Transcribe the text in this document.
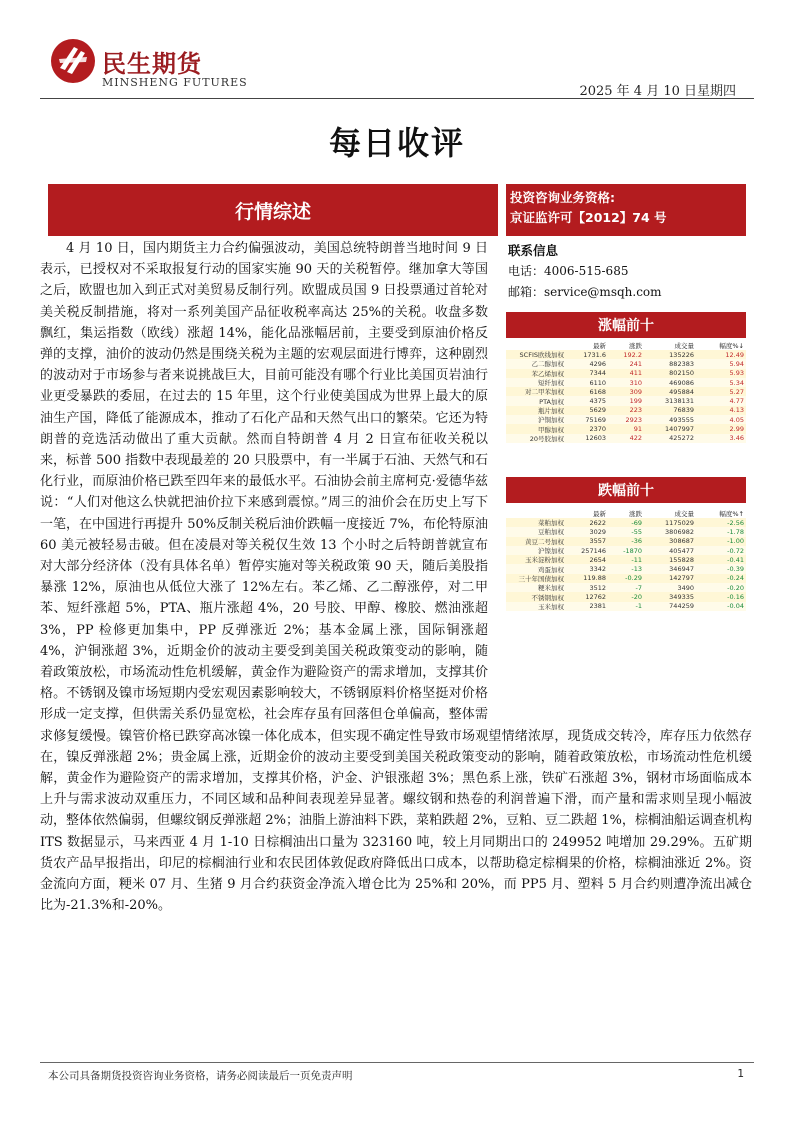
民生期货
MINSHENG FUTURES
2025 年 4 月 10 日星期四
每日收评
行情综述
投资咨询业务资格:
京证监许可【2012】74 号
联系信息
电话：4006-515-685
邮箱：service@msqh.com
涨幅前十
	最新	涨跌	成交量	幅度%↓
SCFIS欧线加权	1731.6	192.2	135226	12.49
乙二醇加权	4296	241	882383	5.94
苯乙烯加权	7344	411	802150	5.93
短纤加权	6110	310	469086	5.34
对二甲苯加权	6168	309	495884	5.27
PTA加权	4375	199	3138131	4.77
瓶片加权	5629	223	76839	4.13
沪铜加权	75169	2923	493555	4.05
甲醇加权	2370	91	1407997	2.99
20号胶加权	12603	422	425272	3.46
跌幅前十
	最新	涨跌	成交量	幅度%↑
菜粕加权	2622	-69	1175029	-2.56
豆粕加权	3029	-55	3806982	-1.78
黄豆二号加权	3557	-36	308687	-1.00
沪镍加权	257146	-1870	405477	-0.72
玉米淀粉加权	2654	-11	155828	-0.41
鸡蛋加权	3342	-13	346947	-0.39
三十年国债加权	119.88	-0.29	142797	-0.24
粳米加权	3512	-7	3490	-0.20
不锈钢加权	12762	-20	349335	-0.16
玉米加权	2381	-1	744259	-0.04

4 月 10 日，国内期货主力合约偏强波动，美国总统特朗普当地时间 9 日表示，已授权对不采取报复行动的国家实施 90 天的关税暂停。继加拿大等国之后，欧盟也加入到正式对美贸易反制行列。欧盟成员国 9 日投票通过首轮对美关税反制措施，将对一系列美国产品征收税率高达 25%的关税。收盘多数飘红，集运指数（欧线）涨超 14%，能化品涨幅居前，主要受到原油价格反弹的支撑，油价的波动仍然是围绕关税为主题的宏观层面进行博弈，这种剧烈的波动对于市场参与者来说挑战巨大，目前可能没有哪个行业比美国页岩油行业更受暴跌的委屈，在过去的 15 年里，这个行业使美国成为世界上最大的原油生产国，降低了能源成本，推动了石化产品和天然气出口的繁荣。它还为特朗普的竞选活动做出了重大贡献。然而自特朗普 4 月 2 日宣布征收关税以来，标普 500 指数中表现最差的 20 只股票中，有一半属于石油、天然气和石化行业，而原油价格已跌至四年来的最低水平。石油协会前主席柯克·爱德华兹说：“人们对他这么快就把油价拉下来感到震惊。”周三的油价会在历史上写下一笔，在中国进行再提升 50%反制关税后油价跌幅一度接近 7%，布伦特原油 60 美元被轻易击破。但在凌晨对等关税仅生效 13 个小时之后特朗普就宣布对大部分经济体（没有具体名单）暂停实施对等关税政策 90 天，随后美股指暴涨 12%，原油也从低位大涨了 12%左右。苯乙烯、乙二醇涨停，对二甲苯、短纤涨超 5%，PTA、瓶片涨超 4%，20 号胶、甲醇、橡胶、燃油涨超 3%，PP 检修更加集中，PP 反弹涨近 2%；基本金属上涨，国际铜涨超 4%，沪铜涨超 3%，近期金价的波动主要受到美国关税政策变动的影响，随着政策放松，市场流动性危机缓解，黄金作为避险资产的需求增加，支撑其价格。不锈钢及镍市场短期内受宏观因素影响较大，不锈钢原料价格坚挺对价格形成一定支撑，但供需关系仍显宽松，社会库存虽有回落但仓单偏高，整体需求修复缓慢。镍管价格已跌穿高冰镍一体化成本，但实现不确定性导致市场观望情绪浓厚，现货成交转冷，库存压力依然存在，镍反弹涨超 2%；贵金属上涨，近期金价的波动主要受到美国关税政策变动的影响，随着政策放松，市场流动性危机缓解，黄金作为避险资产的需求增加，支撑其价格，沪金、沪银涨超 3%；黑色系上涨，铁矿石涨超 3%，钢材市场面临成本上升与需求波动双重压力，不同区域和品种间表现差异显著。螺纹钢和热卷的利润普遍下滑，而产量和需求则呈现小幅波动，整体依然偏弱，但螺纹钢反弹涨超 2%；油脂上游油料下跌，菜粕跌超 2%，豆粕、豆二跌超 1%，棕榈油船运调查机构 ITS 数据显示，马来西亚 4 月 1-10 日棕榈油出口量为 323160 吨，较上月同期出口的 249952 吨增加 29.29%。五矿期货农产品早报指出，印尼的棕榈油行业和农民团体敦促政府降低出口成本，以帮助稳定棕榈果的价格，棕榈油涨近 2%。资金流向方面，粳米 07 月、生猪 9 月合约获资金净流入增仓比为 25%和 20%，而 PP5 月、塑料 5 月合约则遭净流出减仓比为-21.3%和-20%。

本公司具备期货投资咨询业务资格，请务必阅读最后一页免责声明	1
